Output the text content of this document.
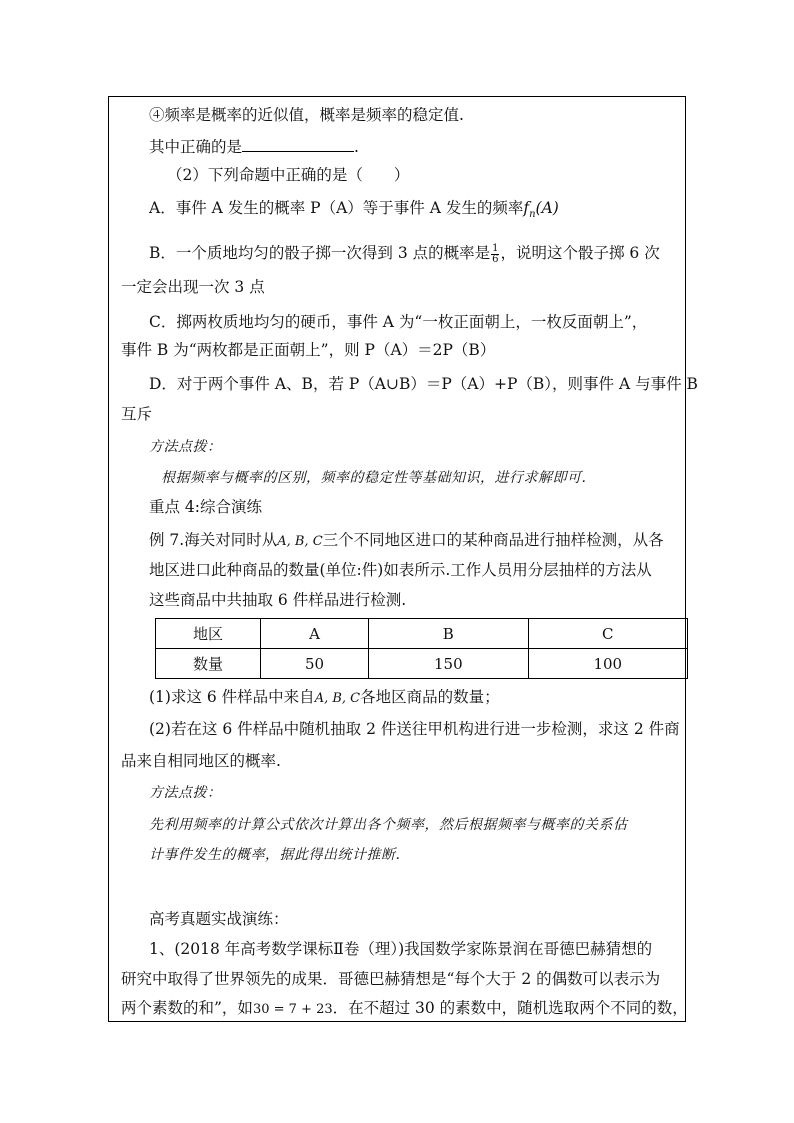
④频率是概率的近似值，概率是频率的稳定值.
其中正确的是	.
（2）下列命题中正确的是（　　）
A．事件 A 发生的概率 P（A）等于事件 A 发生的频率$f_n(A)$
B．一个质地均匀的骰子掷一次得到 3 点的概率是 $\frac{1}{6}$ ，说明这个骰子掷 6 次
一定会出现一次 3 点
C．掷两枚质地均匀的硬币，事件 A 为“一枚正面朝上，一枚反面朝上”，
事件 B 为“两枚都是正面朝上”，则 P（A）＝2P（B）
D．对于两个事件 A、B，若 P（A∪B）＝P（A）+P（B），则事件 A 与事件 B
互斥
方法点拨：
根据频率与概率的区别，频率的稳定性等基础知识，进行求解即可.
重点 4:综合演练
例 7.海关对同时从A, B, C三个不同地区进口的某种商品进行抽样检测，从各
地区进口此种商品的数量(单位:件)如表所示.工作人员用分层抽样的方法从
这些商品中共抽取 6 件样品进行检测.
地区	A	B	C
数量	50	150	100
(1)求这 6 件样品中来自A, B, C各地区商品的数量；
(2)若在这 6 件样品中随机抽取 2 件送往甲机构进行进一步检测，求这 2 件商
品来自相同地区的概率.
方法点拨：
先利用频率的计算公式依次计算出各个频率，然后根据频率与概率的关系估
计事件发生的概率，据此得出统计推断.
高考真题实战演练：
1、(2018 年高考数学课标Ⅱ卷（理）)我国数学家陈景润在哥德巴赫猜想的
研究中取得了世界领先的成果．哥德巴赫猜想是“每个大于 2 的偶数可以表示为
两个素数的和”，如30 = 7 + 23．在不超过 30 的素数中，随机选取两个不同的数，
